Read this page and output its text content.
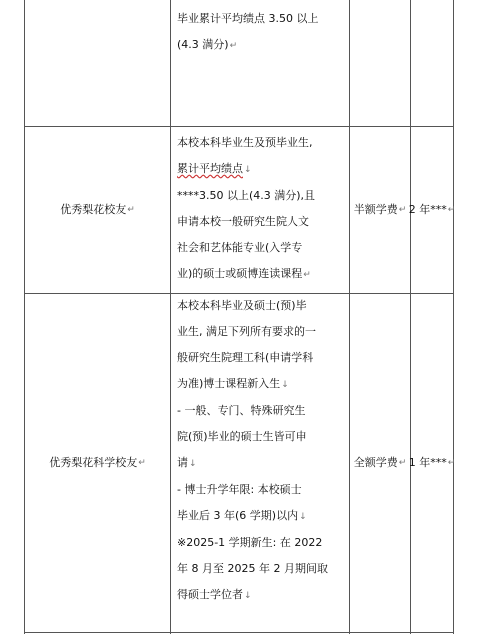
毕业累计平均绩点 3.50 以上
(4.3 满分)↵
优秀梨花校友 ↵
本校本科毕业生及预毕业生,
累计平均绩点↓
****3.50 以上(4.3 满分),且
申请本校一般研究生院人文
社会和艺体能专业(入学专
业)的硕士或硕博连读课程↵
半额学费 ↵ 2 年*** ↵
优秀梨花科学校友 ↵
本校本科毕业及硕士(预)毕
业生, 满足下列所有要求的一
般研究生院理工科(申请学科
为准)博士课程新入生↓
- 一般、专门、特殊研究生
院(预)毕业的硕士生皆可申
请↓
- 博士升学年限: 本校硕士
毕业后 3 年(6 学期)以内↓
※2025-1 学期新生: 在 2022
年 8 月至 2025 年 2 月期间取
得硕士学位者↓
全额学费 ↵ 1 年*** ↵
